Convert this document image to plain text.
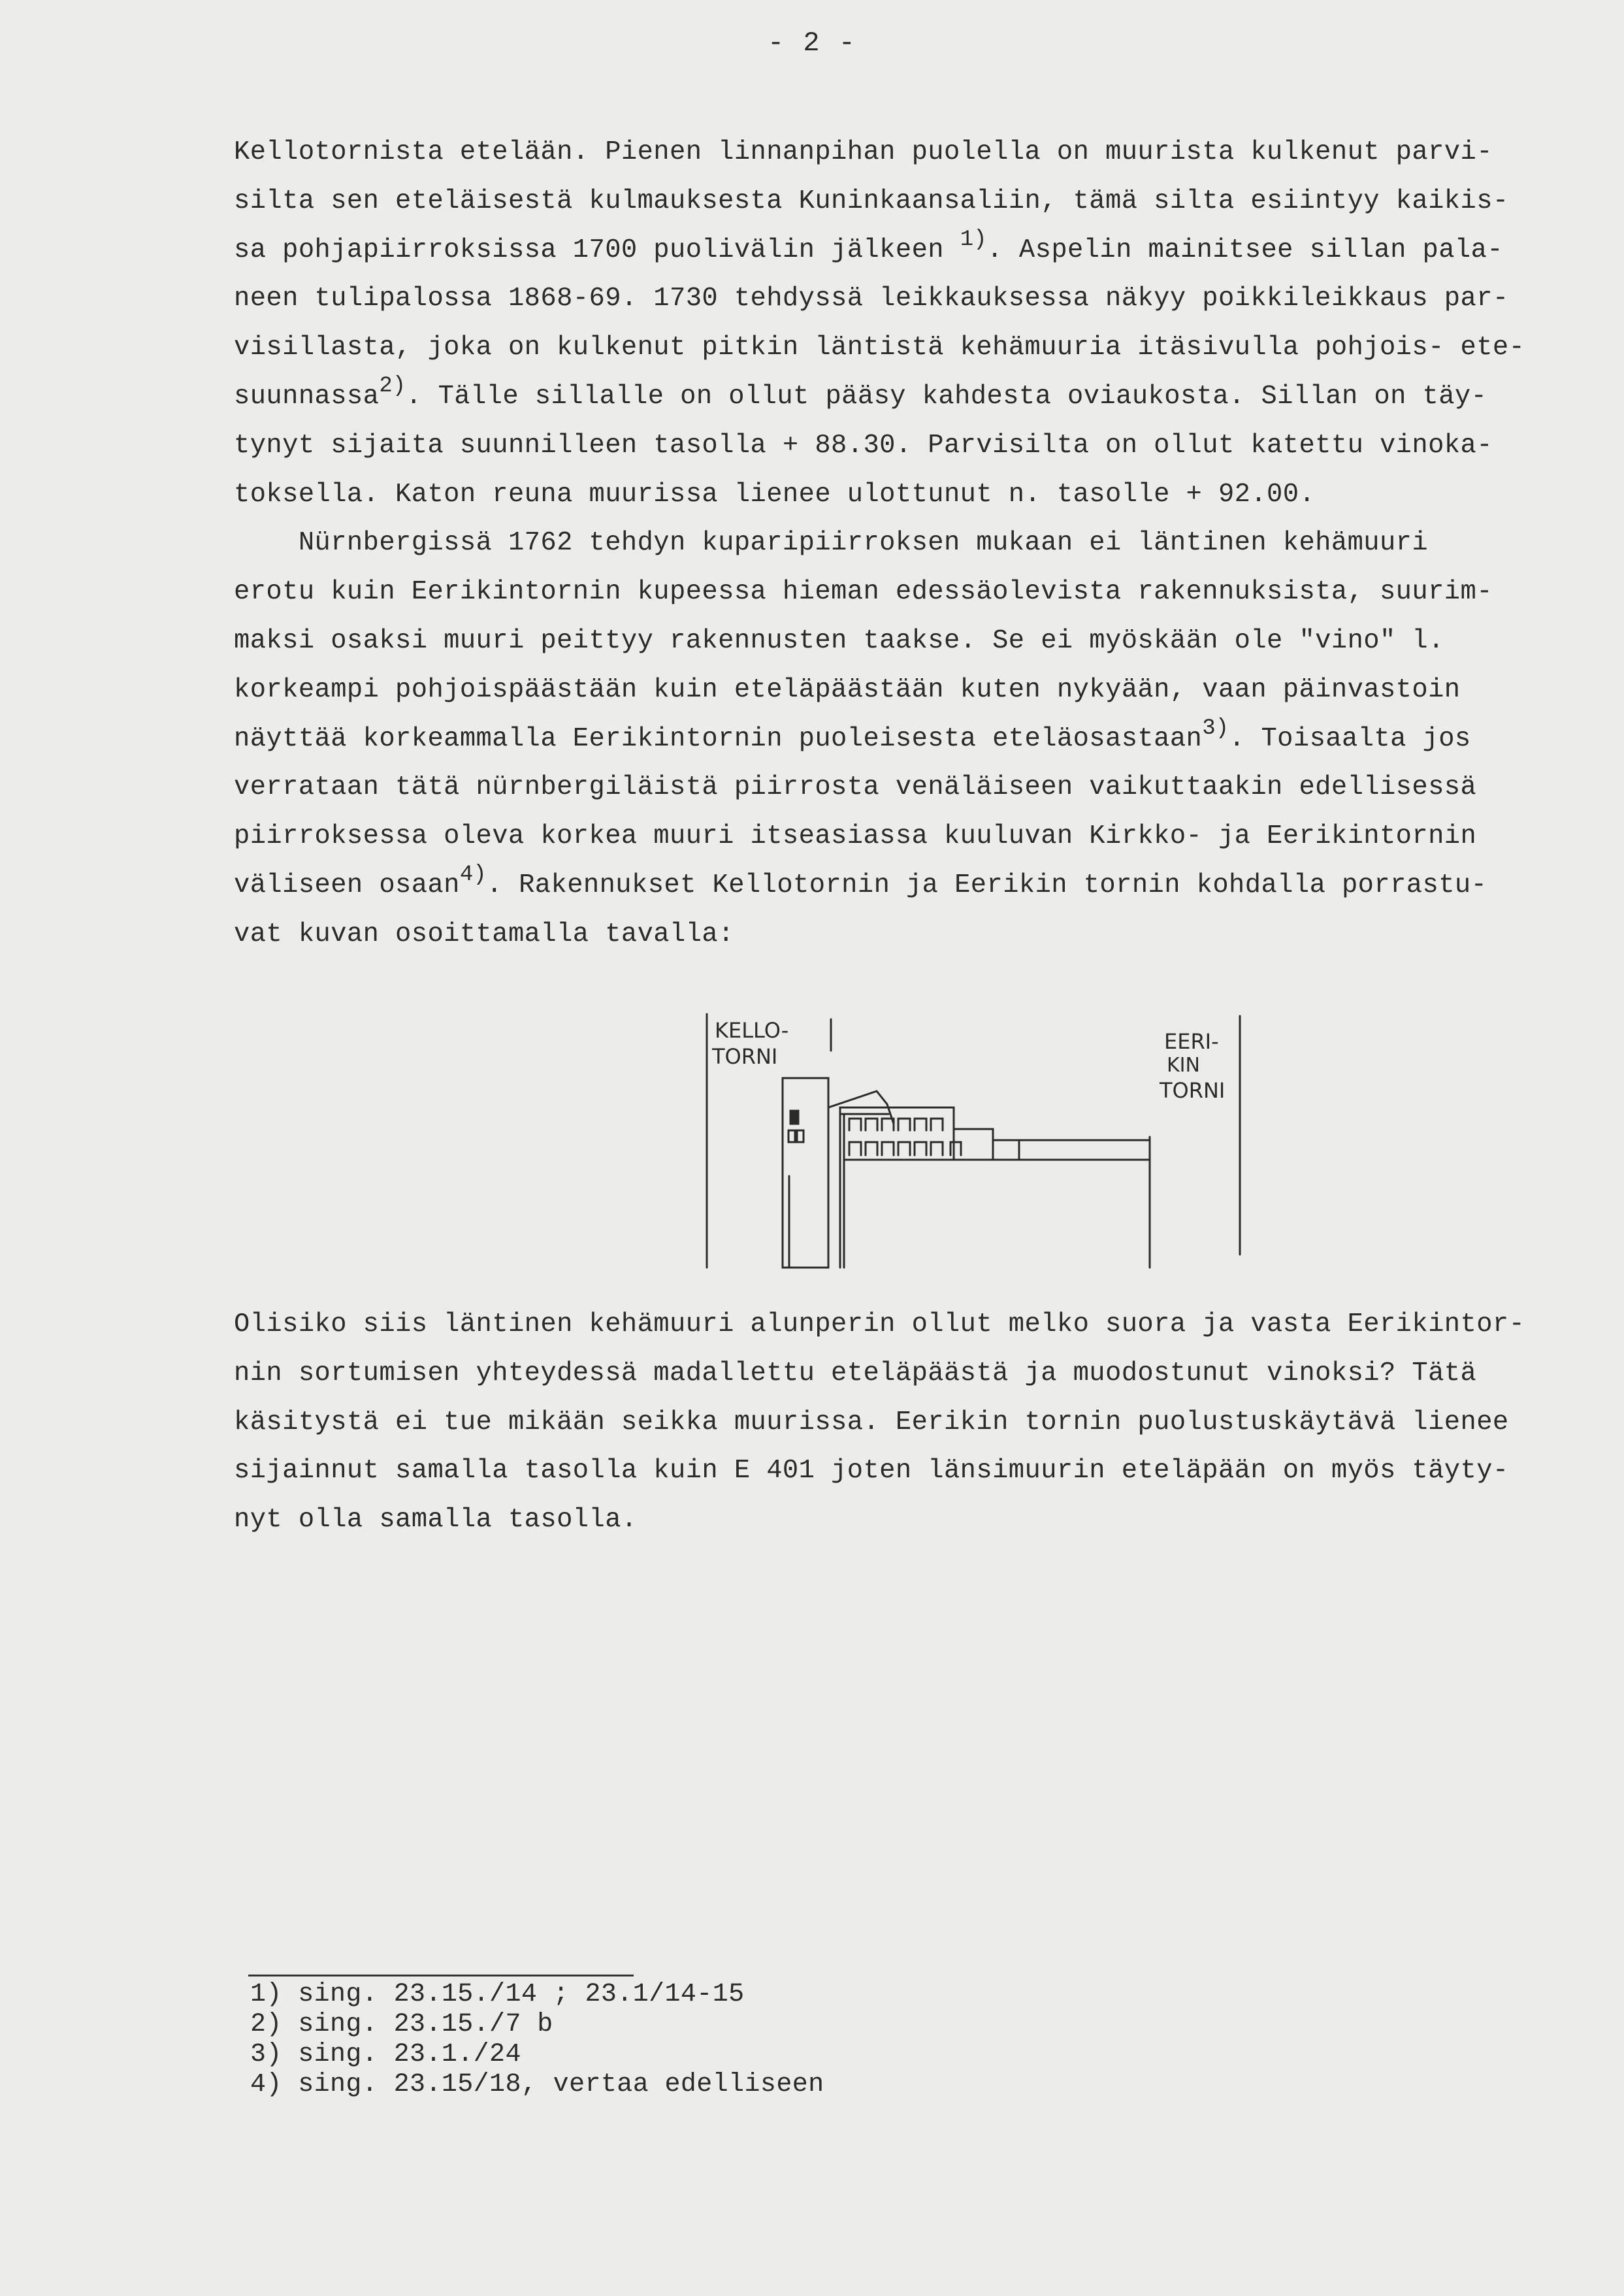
- 2 -
Kellotornista etelään. Pienen linnanpihan puolella on muurista kulkenut parvi-
silta sen eteläisestä kulmauksesta Kuninkaansaliin, tämä silta esiintyy kaikis-
sa pohjapiirroksissa 1700 puolivälin jälkeen $^{1)}$. Aspelin mainitsee sillan pala-
neen tulipalossa 1868-69. 1730 tehdyssä leikkauksessa näkyy poikkileikkaus par-
visillasta, joka on kulkenut pitkin läntistä kehämuuria itäsivulla pohjois- ete-
suunnassa$^{2)}$. Tälle sillalle on ollut pääsy kahdesta oviaukosta. Sillan on täy-
tynyt sijaita suunnilleen tasolla + 88.30. Parvisilta on ollut katettu vinoka-
toksella. Katon reuna muurissa lienee ulottunut n. tasolle + 92.00.
Nürnbergissä 1762 tehdyn kuparipiirroksen mukaan ei läntinen kehämuuri
erotu kuin Eerikintornin kupeessa hieman edessäolevista rakennuksista, suurim-
maksi osaksi muuri peittyy rakennusten taakse. Se ei myöskään ole "vino" l.
korkeampi pohjoispäästään kuin eteläpäästään kuten nykyään, vaan päinvastoin
näyttää korkeammalla Eerikintornin puoleisesta eteläosastaan$^{3)}$. Toisaalta jos
verrataan tätä nürnbergiläistä piirrosta venäläiseen vaikuttaakin edellisessä
piirroksessa oleva korkea muuri itseasiassa kuuluvan Kirkko- ja Eerikintornin
väliseen osaan$^{4)}$. Rakennukset Kellotornin ja Eerikin tornin kohdalla porrastu-
vat kuvan osoittamalla tavalla:
KELLO-
TORNI
EERI-
KIN
TORNI
Olisiko siis läntinen kehämuuri alunperin ollut melko suora ja vasta Eerikintor-
nin sortumisen yhteydessä madallettu eteläpäästä ja muodostunut vinoksi? Tätä
käsitystä ei tue mikään seikka muurissa. Eerikin tornin puolustuskäytävä lienee
sijainnut samalla tasolla kuin E 401 joten länsimuurin eteläpään on myös täyty-
nyt olla samalla tasolla.
1) sing. 23.15./14 ; 23.1/14-15
2) sing. 23.15./7 b
3) sing. 23.1./24
4) sing. 23.15/18, vertaa edelliseen
